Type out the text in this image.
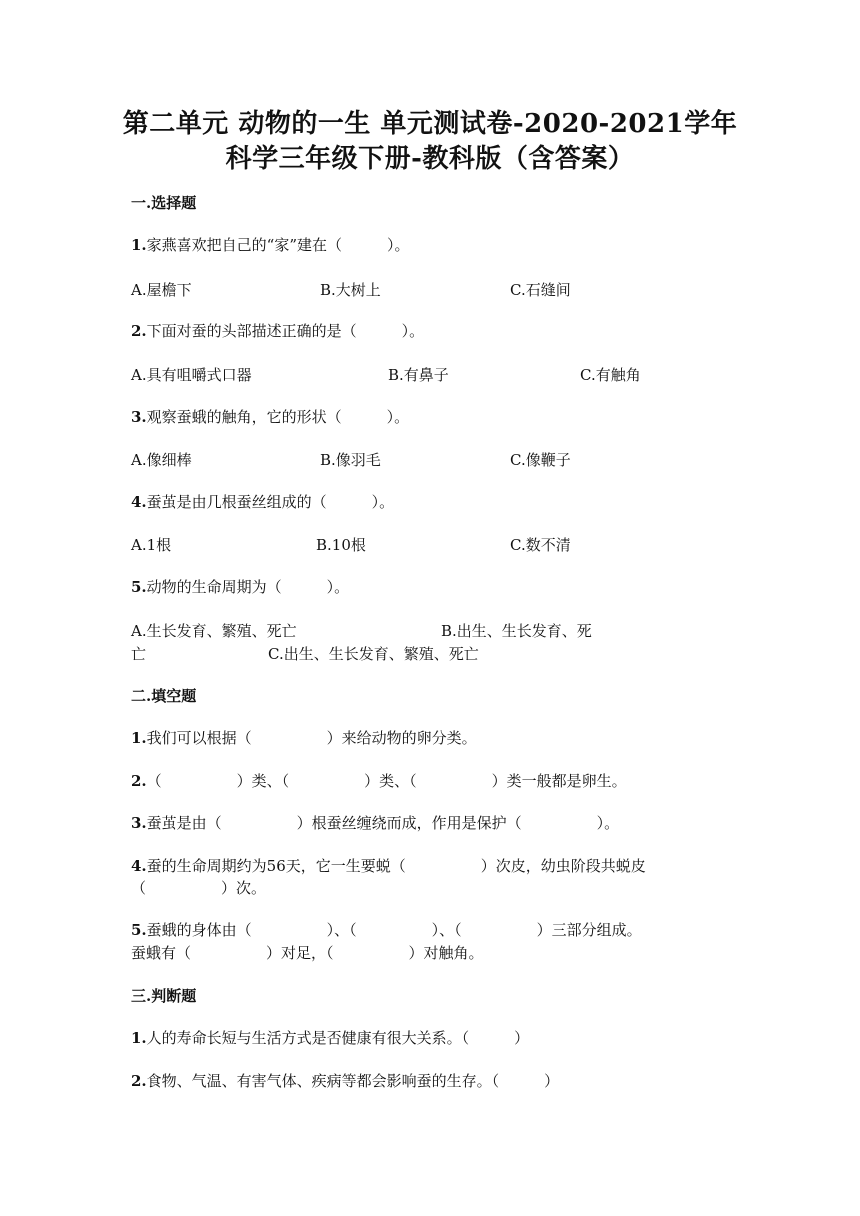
第二单元 动物的一生 单元测试卷-2020-2021学年
科学三年级下册-教科版（含答案）
一.选择题
1.家燕喜欢把自己的“家”建在（　　　）。
A.屋檐下	B.大树上	C.石缝间
2.下面对蚕的头部描述正确的是（　　　）。
A.具有咀嚼式口器	B.有鼻子	C.有触角
3.观察蚕蛾的触角，它的形状（　　　）。
A.像细棒	B.像羽毛	C.像鞭子
4.蚕茧是由几根蚕丝组成的（　　　）。
A.1根	B.10根	C.数不清
5.动物的生命周期为（　　　）。
A.生长发育、繁殖、死亡	B.出生、生长发育、死
亡	C.出生、生长发育、繁殖、死亡
二.填空题
1.我们可以根据（　　　　　）来给动物的卵分类。
2.（　　　　　）类、（　　　　　）类、（　　　　　）类一般都是卵生。
3.蚕茧是由（　　　　　）根蚕丝缠绕而成，作用是保护（　　　　　）。
4.蚕的生命周期约为56天，它一生要蜕（　　　　　）次皮，幼虫阶段共蜕皮
（　　　　　）次。
5.蚕蛾的身体由（　　　　　）、（　　　　　）、（　　　　　）三部分组成。
蚕蛾有（　　　　　）对足，（　　　　　）对触角。
三.判断题
1.人的寿命长短与生活方式是否健康有很大关系。（　　　）
2.食物、气温、有害气体、疾病等都会影响蚕的生存。（　　　）
